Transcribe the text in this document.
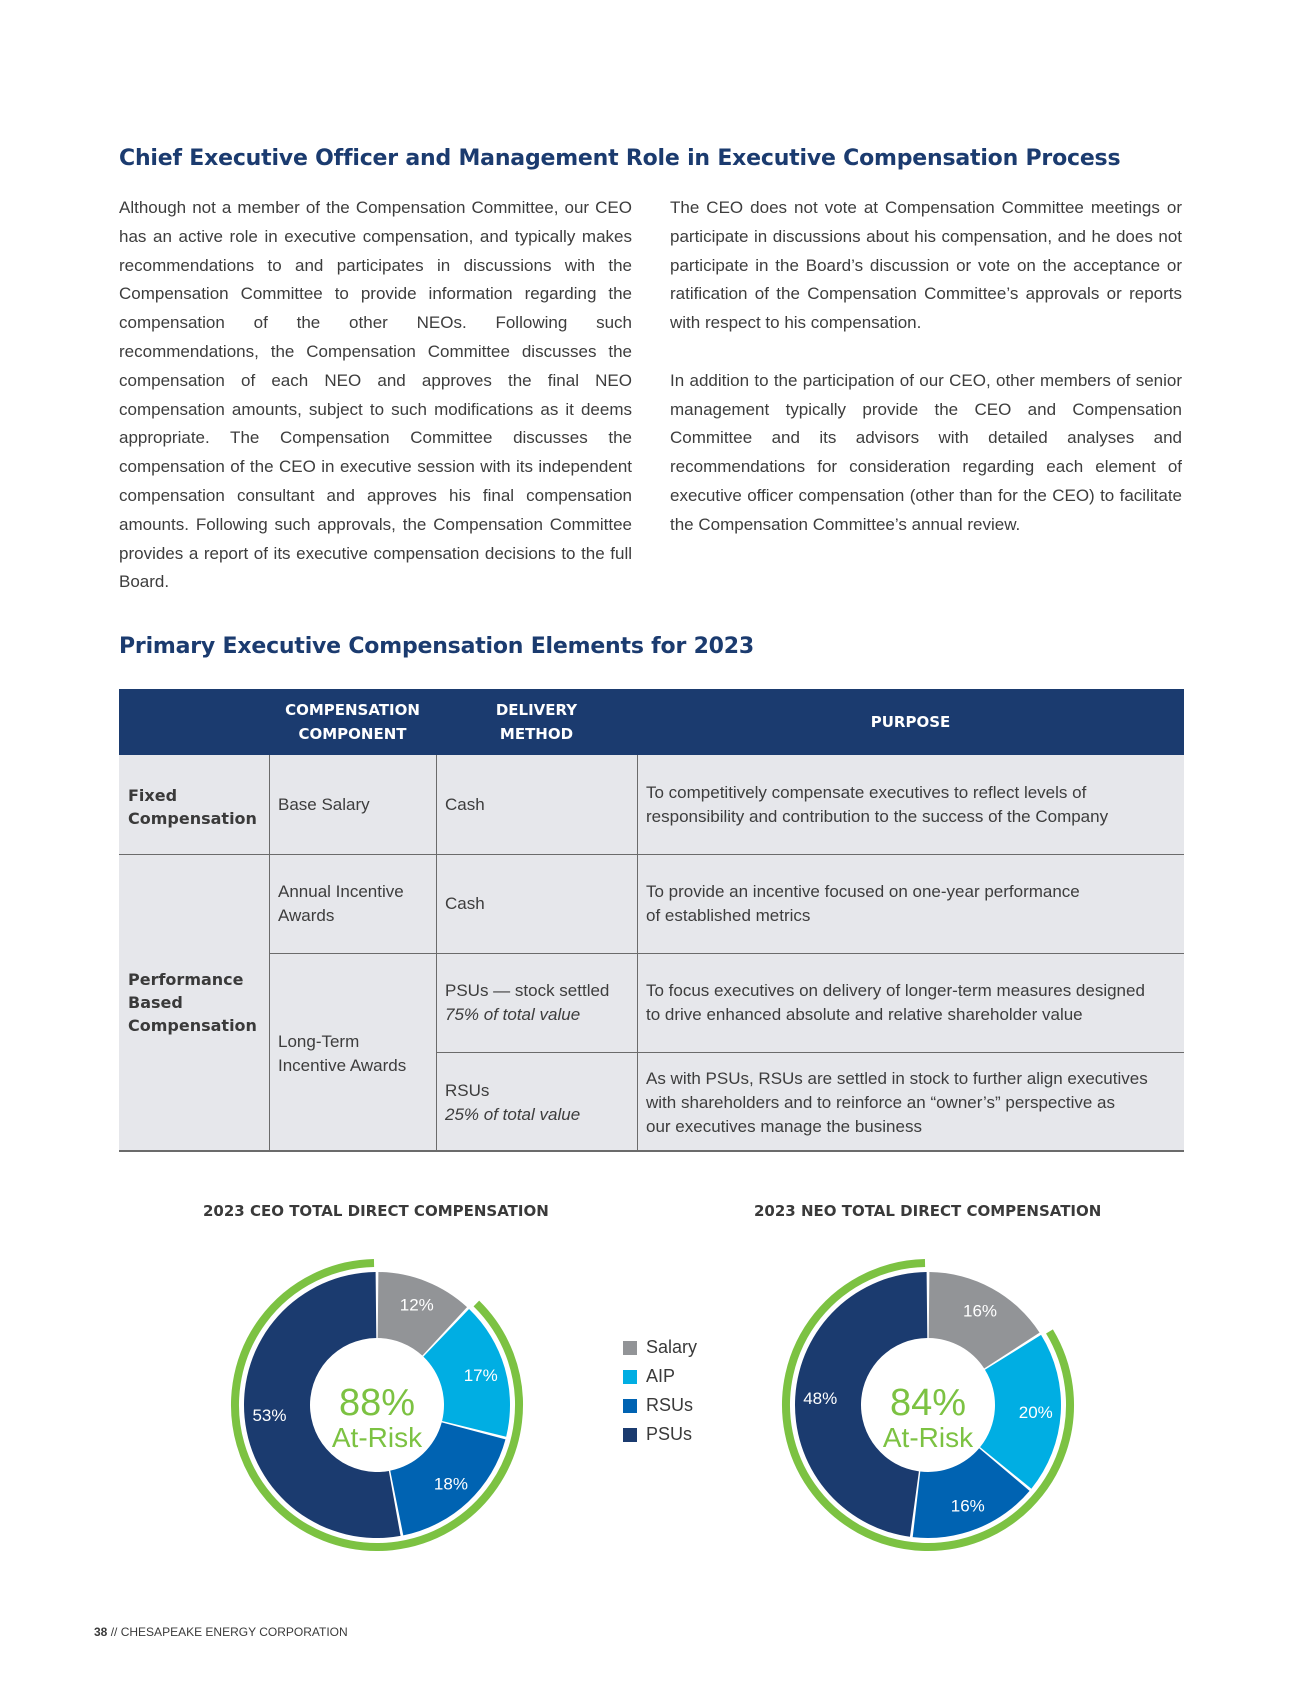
Chief Executive Officer and Management Role in Executive Compensation Process

Although not a member of the Compensation Committee, our CEO has an active role in executive compensation, and typically makes recommendations to and participates in discussions with the Compensation Committee to provide information regarding the compensation of the other NEOs. Following such recommendations, the Compensation Committee discusses the compensation of each NEO and approves the final NEO compensation amounts, subject to such modifications as it deems appropriate. The Compensation Committee discusses the compensation of the CEO in executive session with its independent compensation consultant and approves his final compensation amounts. Following such approvals, the Compensation Committee provides a report of its executive compensation decisions to the full Board.

The CEO does not vote at Compensation Committee meetings or participate in discussions about his compensation, and he does not participate in the Board’s discussion or vote on the acceptance or ratification of the Compensation Committee’s approvals or reports with respect to his compensation.

In addition to the participation of our CEO, other members of senior management typically provide the CEO and Compensation Committee and its advisors with detailed analyses and recommendations for consideration regarding each element of executive officer compensation (other than for the CEO) to facilitate the Compensation Committee’s annual review.

Primary Executive Compensation Elements for 2023
COMPENSATION
COMPONENT
DELIVERY
METHOD
PURPOSE
Fixed
Compensation
Base Salary	Cash
To competitively compensate executives to reflect levels of
responsibility and contribution to the success of the Company
Performance
Based
Compensation
Annual Incentive
Awards
Cash
To provide an incentive focused on one-year performance
of established metrics
Long-Term
Incentive Awards
PSUs — stock settled
75% of total value
To focus executives on delivery of longer-term measures designed
to drive enhanced absolute and relative shareholder value
RSUs
25% of total value
As with PSUs, RSUs are settled in stock to further align executives
with shareholders and to reinforce an “owner’s” perspective as
our executives manage the business
2023 CEO TOTAL DIRECT COMPENSATION	2023 NEO TOTAL DIRECT COMPENSATION
12%
17%
18%
53% 88%
At-Risk
16%
20%
16%
48% 84%
At-Risk
Salary
AIP
RSUs
PSUs
38 // CHESAPEAKE ENERGY CORPORATION
